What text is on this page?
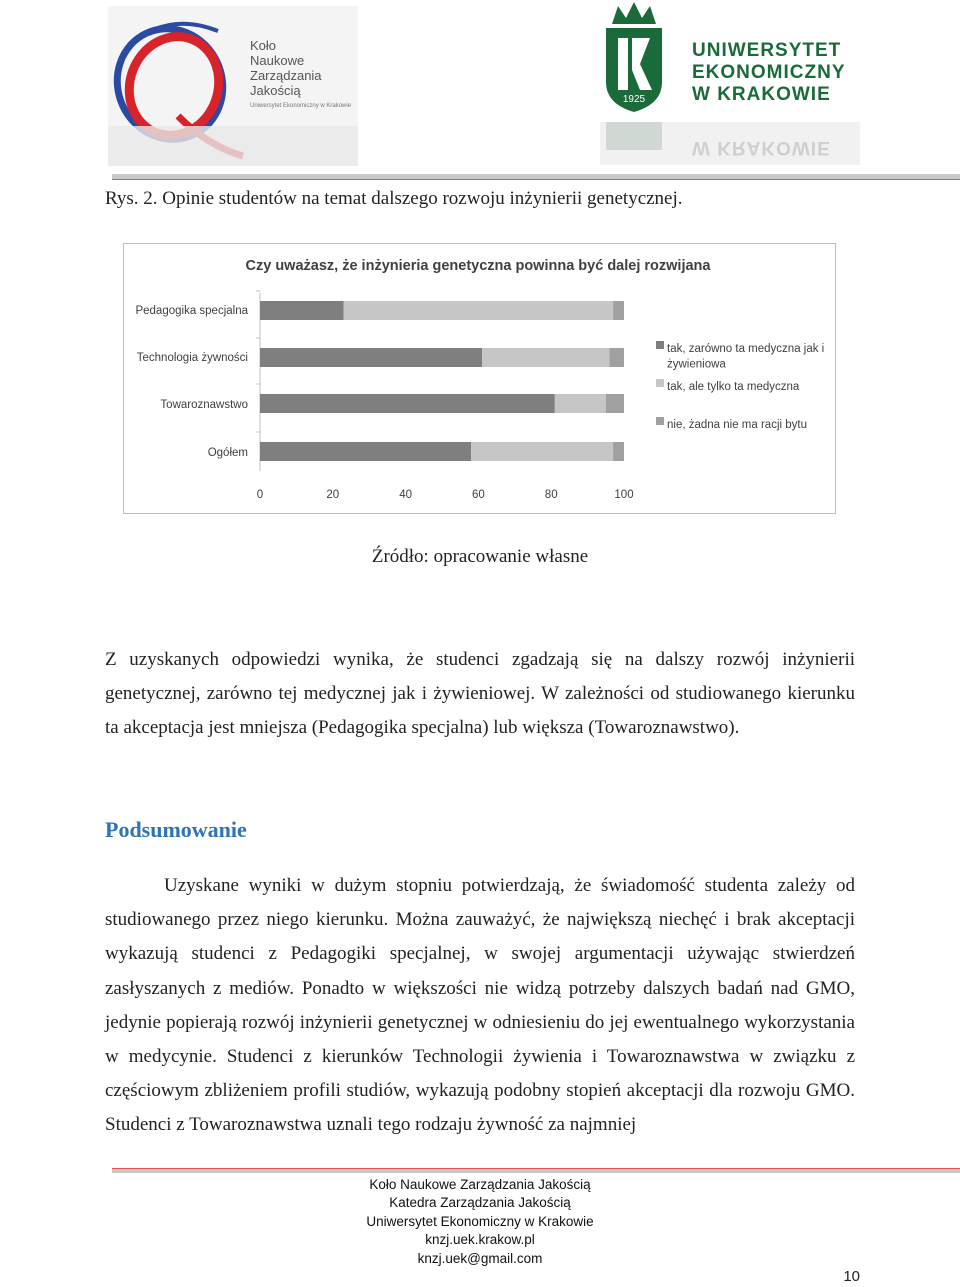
Koło
Naukowe
Zarządzania
Jakością
Uniwersytet Ekonomiczny w Krakowie
1925
UNIWERSYTET
EKONOMICZNY
W KRAKOWIE
W KRAKOWIE
Rys. 2. Opinie studentów na temat dalszego rozwoju inżynierii genetycznej.
Czy uważasz, że inżynieria genetyczna powinna być dalej rozwijana
Pedagogika specjalna
Technologia żywności
Towaroznawstwo
Ogółem
0	20	40	60	80	100
tak, zarówno ta medyczna jak i
żywieniowa
tak, ale tylko ta medyczna
nie, żadna nie ma racji bytu
Źródło: opracowanie własne
Z uzyskanych odpowiedzi wynika, że studenci zgadzają się na dalszy rozwój inżynierii genetycznej, zarówno tej medycznej jak i żywieniowej. W zależności od studiowanego kierunku ta akceptacja jest mniejsza (Pedagogika specjalna) lub większa (Towaroznawstwo).
Podsumowanie
Uzyskane wyniki w dużym stopniu potwierdzają, że świadomość studenta zależy od studiowanego przez niego kierunku. Można zauważyć, że największą niechęć i brak akceptacji wykazują studenci z Pedagogiki specjalnej, w swojej argumentacji używając stwierdzeń zasłyszanych z mediów. Ponadto w większości nie widzą potrzeby dalszych badań nad GMO, jedynie popierają rozwój inżynierii genetycznej w odniesieniu do jej ewentualnego wykorzystania w medycynie. Studenci z kierunków Technologii żywienia i Towaroznawstwa w związku z częściowym zbliżeniem profili studiów, wykazują podobny stopień akceptacji dla rozwoju GMO. Studenci z Towaroznawstwa uznali tego rodzaju żywność za najmniej
Koło Naukowe Zarządzania Jakością
Katedra Zarządzania Jakością
Uniwersytet Ekonomiczny w Krakowie
knzj.uek.krakow.pl
knzj.uek@gmail.com
10
